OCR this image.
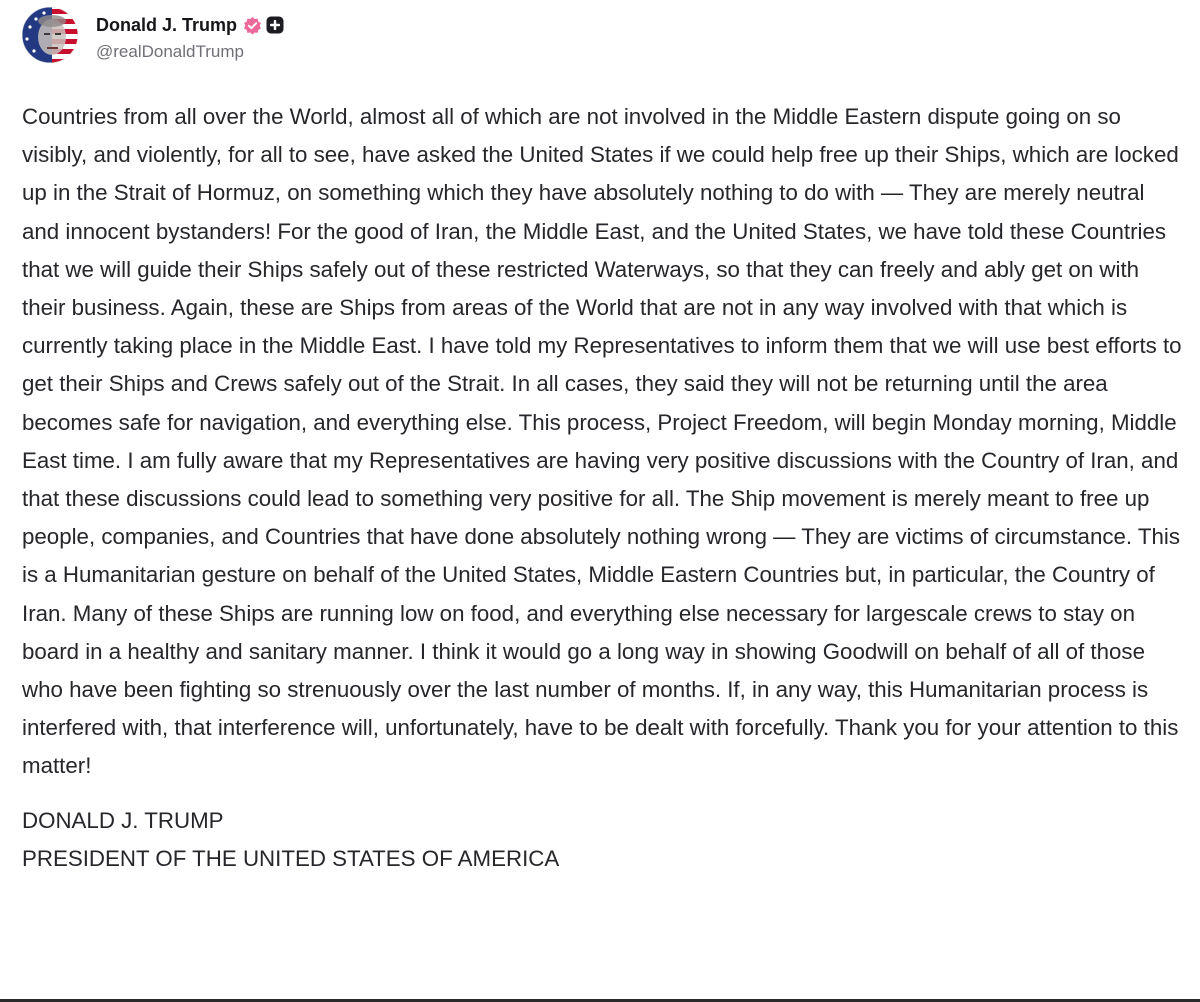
Donald J. Trump
@realDonaldTrump

Countries from all over the World, almost all of which are not involved in the Middle Eastern dispute going on so visibly, and violently, for all to see, have asked the United States if we could help free up their Ships, which are locked up in the Strait of Hormuz, on something which they have absolutely nothing to do with — They are merely neutral and innocent bystanders! For the good of Iran, the Middle East, and the United States, we have told these Countries that we will guide their Ships safely out of these restricted Waterways, so that they can freely and ably get on with their business. Again, these are Ships from areas of the World that are not in any way involved with that which is currently taking place in the Middle East. I have told my Representatives to inform them that we will use best efforts to get their Ships and Crews safely out of the Strait. In all cases, they said they will not be returning until the area becomes safe for navigation, and everything else. This process, Project Freedom, will begin Monday morning, Middle East time. I am fully aware that my Representatives are having very positive discussions with the Country of Iran, and that these discussions could lead to something very positive for all. The Ship movement is merely meant to free up people, companies, and Countries that have done absolutely nothing wrong — They are victims of circumstance. This is a Humanitarian gesture on behalf of the United States, Middle Eastern Countries but, in particular, the Country of Iran. Many of these Ships are running low on food, and everything else necessary for largescale crews to stay on board in a healthy and sanitary manner. I think it would go a long way in showing Goodwill on behalf of all of those who have been fighting so strenuously over the last number of months. If, in any way, this Humanitarian process is interfered with, that interference will, unfortunately, have to be dealt with forcefully. Thank you for your attention to this matter!

DONALD J. TRUMP
PRESIDENT OF THE UNITED STATES OF AMERICA
